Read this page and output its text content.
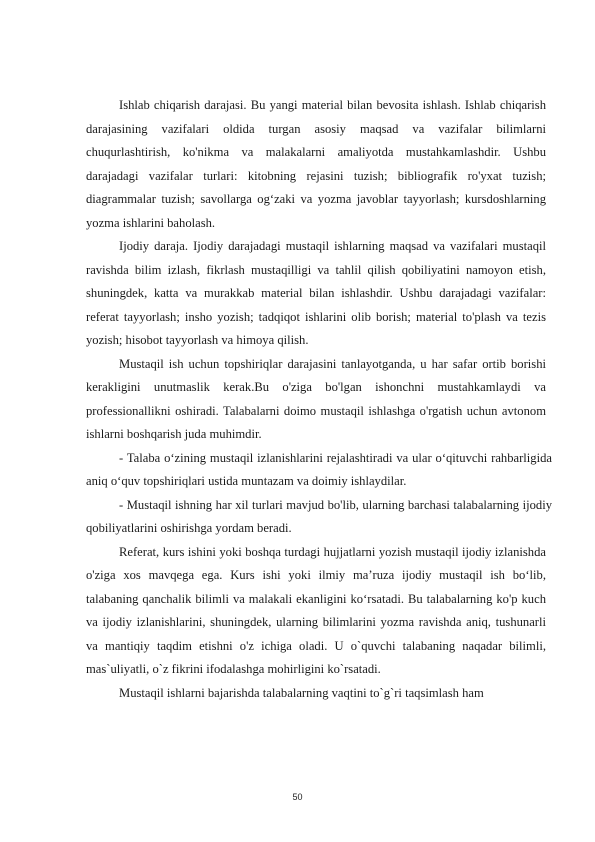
Ishlab chiqarish darajasi. Bu yangi material bilan bevosita ishlash. Ishlab chiqarish darajasining vazifalari oldida turgan asosiy maqsad va vazifalar bilimlarni chuqurlashtirish, ko'nikma va malakalarni amaliyotda mustahkamlashdir. Ushbu darajadagi vazifalar turlari: kitobning rejasini tuzish; bibliografik ro'yxat tuzish; diagrammalar tuzish; savollarga og‘zaki va yozma javoblar tayyorlash; kursdoshlarning yozma ishlarini baholash.

Ijodiy daraja. Ijodiy darajadagi mustaqil ishlarning maqsad va vazifalari mustaqil ravishda bilim izlash, fikrlash mustaqilligi va tahlil qilish qobiliyatini namoyon etish, shuningdek, katta va murakkab material bilan ishlashdir. Ushbu darajadagi vazifalar: referat tayyorlash; insho yozish; tadqiqot ishlarini olib borish; material to'plash va tezis yozish; hisobot tayyorlash va himoya qilish.

Mustaqil ish uchun topshiriqlar darajasini tanlayotganda, u har safar ortib borishi kerakligini unutmaslik kerak.Bu o'ziga bo'lgan ishonchni mustahkamlaydi va professionallikni oshiradi. Talabalarni doimo mustaqil ishlashga o'rgatish uchun avtonom ishlarni boshqarish juda muhimdir.

- Talaba o‘zining mustaqil izlanishlarini rejalashtiradi va ular o‘qituvchi rahbarligida aniq o‘quv topshiriqlari ustida muntazam va doimiy ishlaydilar.

- Mustaqil ishning har xil turlari mavjud bo'lib, ularning barchasi talabalarning ijodiy qobiliyatlarini oshirishga yordam beradi.

Referat, kurs ishini yoki boshqa turdagi hujjatlarni yozish mustaqil ijodiy izlanishda o'ziga xos mavqega ega. Kurs ishi yoki ilmiy ma’ruza ijodiy mustaqil ish bo‘lib, talabaning qanchalik bilimli va malakali ekanligini ko‘rsatadi. Bu talabalarning ko'p kuch va ijodiy izlanishlarini, shuningdek, ularning bilimlarini yozma ravishda aniq, tushunarli va mantiqiy taqdim etishni o'z ichiga oladi. U o`quvchi talabaning naqadar bilimli, mas`uliyatli, o`z fikrini ifodalashga mohirligini ko`rsatadi.

Mustaqil ishlarni bajarishda talabalarning vaqtini to`g`ri taqsimlash ham

50
